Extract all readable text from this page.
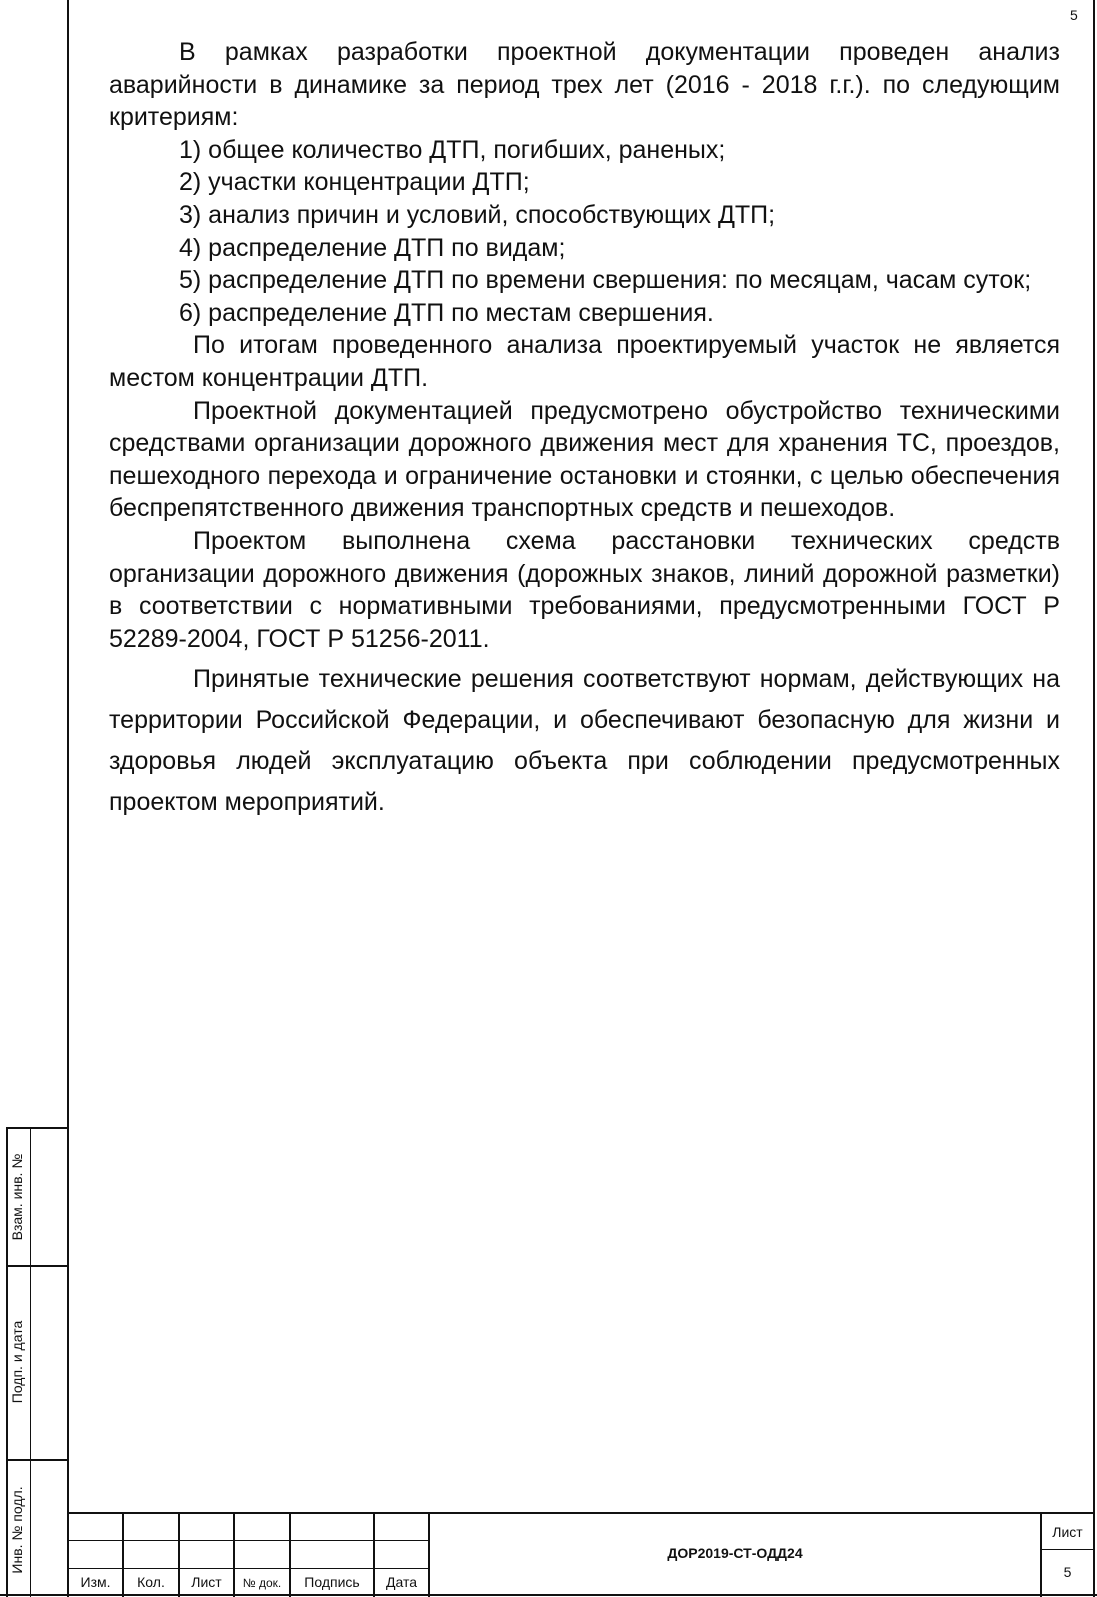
5

В рамках разработки проектной документации проведен анализ аварийности в динамике за период трех лет (2016 - 2018 г.г.). по следующим критериям:

1) общее количество ДТП, погибших, раненых;

2) участки концентрации ДТП;

3) анализ причин и условий, способствующих ДТП;

4) распределение ДТП по видам;

5) распределение ДТП по времени свершения: по месяцам, часам суток;

6) распределение ДТП по местам свершения.

По итогам проведенного анализа проектируемый участок не является местом концентрации ДТП.

Проектной документацией предусмотрено обустройство техническими средствами организации дорожного движения мест для хранения ТС, проездов, пешеходного перехода и ограничение остановки и стоянки, с целью обеспечения беспрепятственного движения транспортных средств и пешеходов.

Проектом выполнена схема расстановки технических средств организации дорожного движения (дорожных знаков, линий дорожной разметки) в соответствии с нормативными требованиями, предусмотренными ГОСТ Р 52289-2004, ГОСТ Р 51256-2011.

Принятые технические решения соответствуют нормам, действующих на территории Российской Федерации, и обеспечивают безопасную для жизни и здоровья людей эксплуатацию объекта при соблюдении предусмотренных проектом мероприятий.

Взам. инв. №
Подп. и дата
Инв. № подл.
Изм.	Кол.	Лист	№ док.	Подпись	Дата
ДОР2019-СТ-ОДД24
Лист
5
